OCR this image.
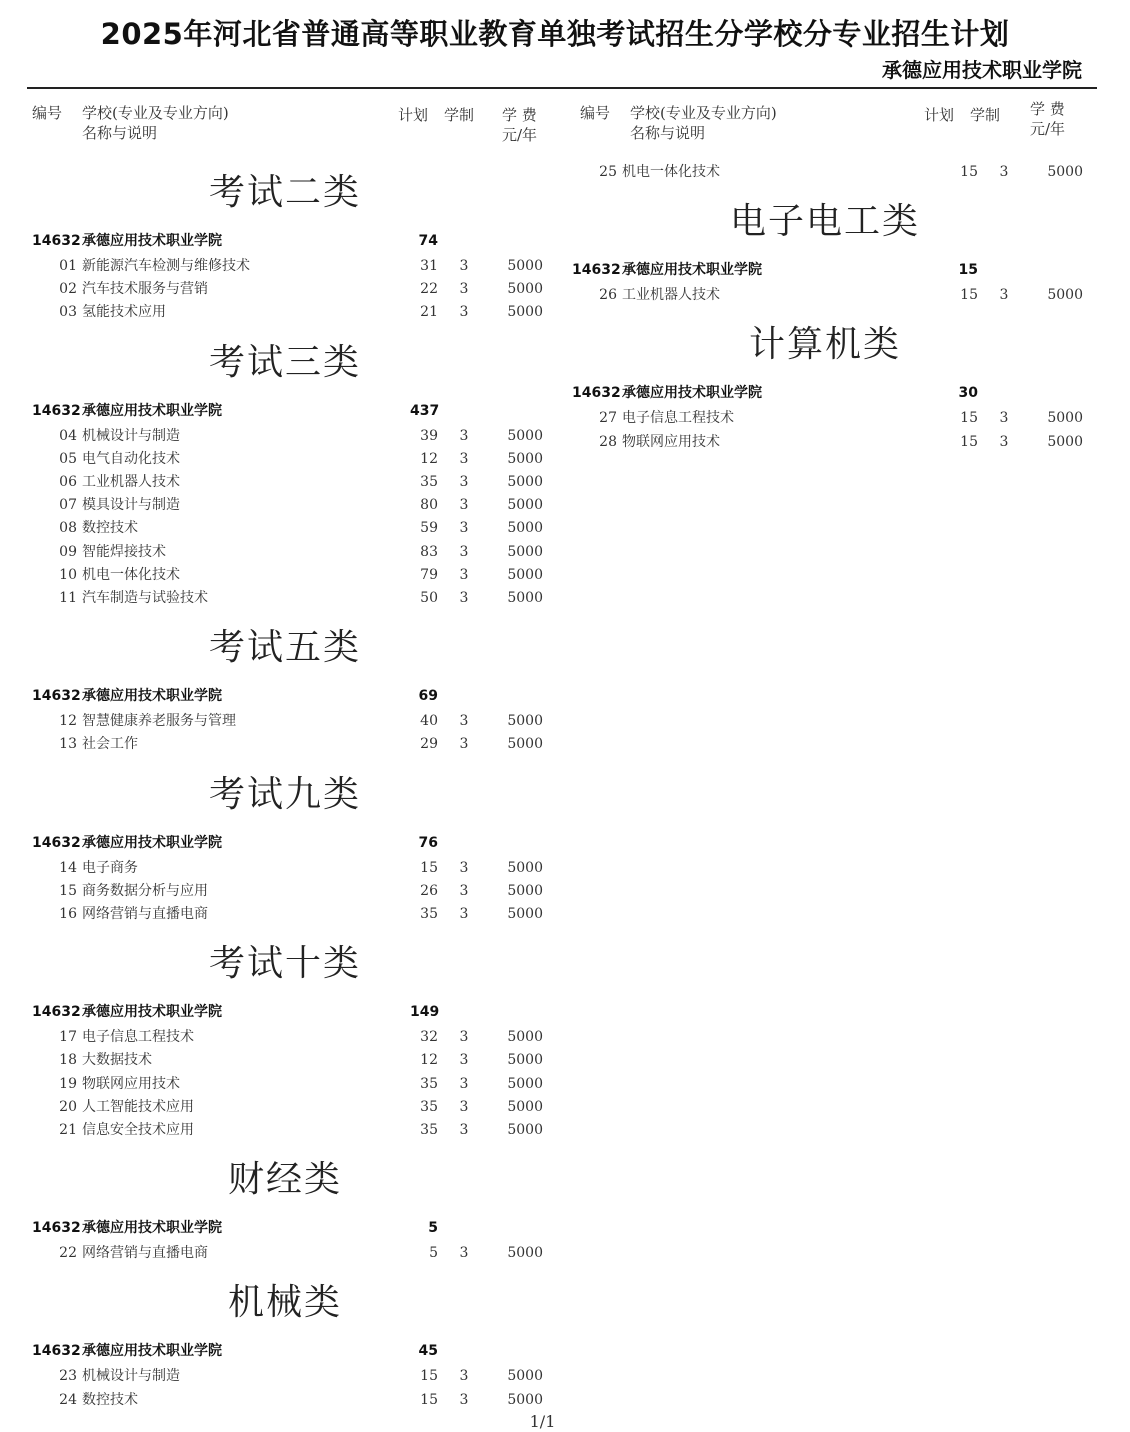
2025年河北省普通高等职业教育单独考试招生分学校分专业招生计划
承德应用技术职业学院
编号 学校(专业及专业方向)
名称与说明
计划 学制 学 费
元/年
编号 学校(专业及专业方向)
名称与说明
计划 学制 学 费
元/年
考试二类
14632 承德应用技术职业学院	74
01 新能源汽车检测与维修技术	31	3	5000
02 汽车技术服务与营销	22	3	5000
03 氢能技术应用	21	3	5000
考试三类
14632 承德应用技术职业学院	437
04 机械设计与制造	39	3	5000
05 电气自动化技术	12	3	5000
06 工业机器人技术	35	3	5000
07 模具设计与制造	80	3	5000
08 数控技术	59	3	5000
09 智能焊接技术	83	3	5000
10 机电一体化技术	79	3	5000
11 汽车制造与试验技术	50	3	5000
考试五类
14632 承德应用技术职业学院	69
12 智慧健康养老服务与管理	40	3	5000
13 社会工作	29	3	5000
考试九类
14632 承德应用技术职业学院	76
14 电子商务	15	3	5000
15 商务数据分析与应用	26	3	5000
16 网络营销与直播电商	35	3	5000
考试十类
14632 承德应用技术职业学院	149
17 电子信息工程技术	32	3	5000
18 大数据技术	12	3	5000
19 物联网应用技术	35	3	5000
20 人工智能技术应用	35	3	5000
21 信息安全技术应用	35	3	5000
财经类
14632 承德应用技术职业学院	5
22 网络营销与直播电商	5	3	5000
机械类
14632 承德应用技术职业学院	45
23 机械设计与制造	15	3	5000
24 数控技术	15	3	5000
25 机电一体化技术	15	3	5000
电子电工类
14632 承德应用技术职业学院	15
26 工业机器人技术	15	3	5000
计算机类
14632 承德应用技术职业学院	30
27 电子信息工程技术	15	3	5000
28 物联网应用技术	15	3	5000
1/1
